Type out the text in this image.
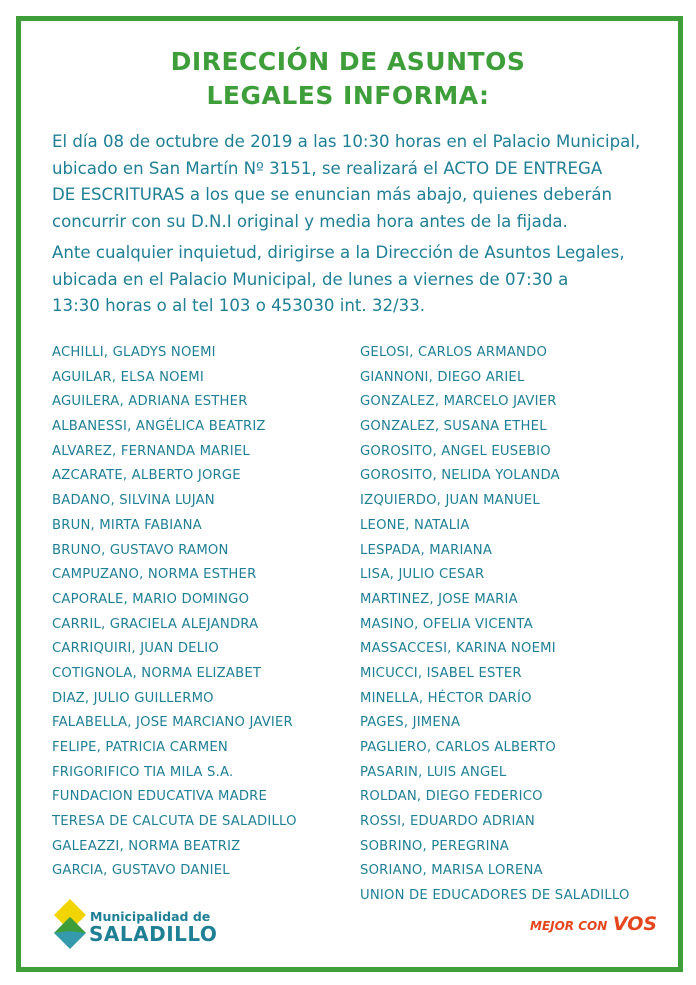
DIRECCIÓN DE ASUNTOS
LEGALES INFORMA:
El día 08 de octubre de 2019 a las 10:30 horas en el Palacio Municipal,
ubicado en San Martín Nº 3151, se realizará el ACTO DE ENTREGA
DE ESCRITURAS a los que se enuncian más abajo, quienes deberán
concurrir con su D.N.I original y media hora antes de la fijada.
Ante cualquier inquietud, dirigirse a la Dirección de Asuntos Legales,
ubicada en el Palacio Municipal, de lunes a viernes de 07:30 a
13:30 horas o al tel 103 o 453030 int. 32/33.
ACHILLI, GLADYS NOEMI
AGUILAR, ELSA NOEMI
AGUILERA, ADRIANA ESTHER
ALBANESSI, ANGÉLICA BEATRIZ
ALVAREZ, FERNANDA MARIEL
AZCARATE, ALBERTO JORGE
BADANO, SILVINA LUJAN
BRUN, MIRTA FABIANA
BRUNO, GUSTAVO RAMON
CAMPUZANO, NORMA ESTHER
CAPORALE, MARIO DOMINGO
CARRIL, GRACIELA ALEJANDRA
CARRIQUIRI, JUAN DELIO
COTIGNOLA, NORMA ELIZABET
DIAZ, JULIO GUILLERMO
FALABELLA, JOSE MARCIANO JAVIER
FELIPE, PATRICIA CARMEN
FRIGORIFICO TIA MILA S.A.
FUNDACION EDUCATIVA MADRE
TERESA DE CALCUTA DE SALADILLO
GALEAZZI, NORMA BEATRIZ
GARCIA, GUSTAVO DANIEL
GELOSI, CARLOS ARMANDO
GIANNONI, DIEGO ARIEL
GONZALEZ, MARCELO JAVIER
GONZALEZ, SUSANA ETHEL
GOROSITO, ANGEL EUSEBIO
GOROSITO, NELIDA YOLANDA
IZQUIERDO, JUAN MANUEL
LEONE, NATALIA
LESPADA, MARIANA
LISA, JULIO CESAR
MARTINEZ, JOSE MARIA
MASINO, OFELIA VICENTA
MASSACCESI, KARINA NOEMI
MICUCCI, ISABEL ESTER
MINELLA, HÉCTOR DARÍO
PAGES, JIMENA
PAGLIERO, CARLOS ALBERTO
PASARIN, LUIS ANGEL
ROLDAN, DIEGO FEDERICO
ROSSI, EDUARDO ADRIAN
SOBRINO, PEREGRINA
SORIANO, MARISA LORENA
UNION DE EDUCADORES DE SALADILLO

Municipalidad de

SALADILLO	MEJOR CON VOS
